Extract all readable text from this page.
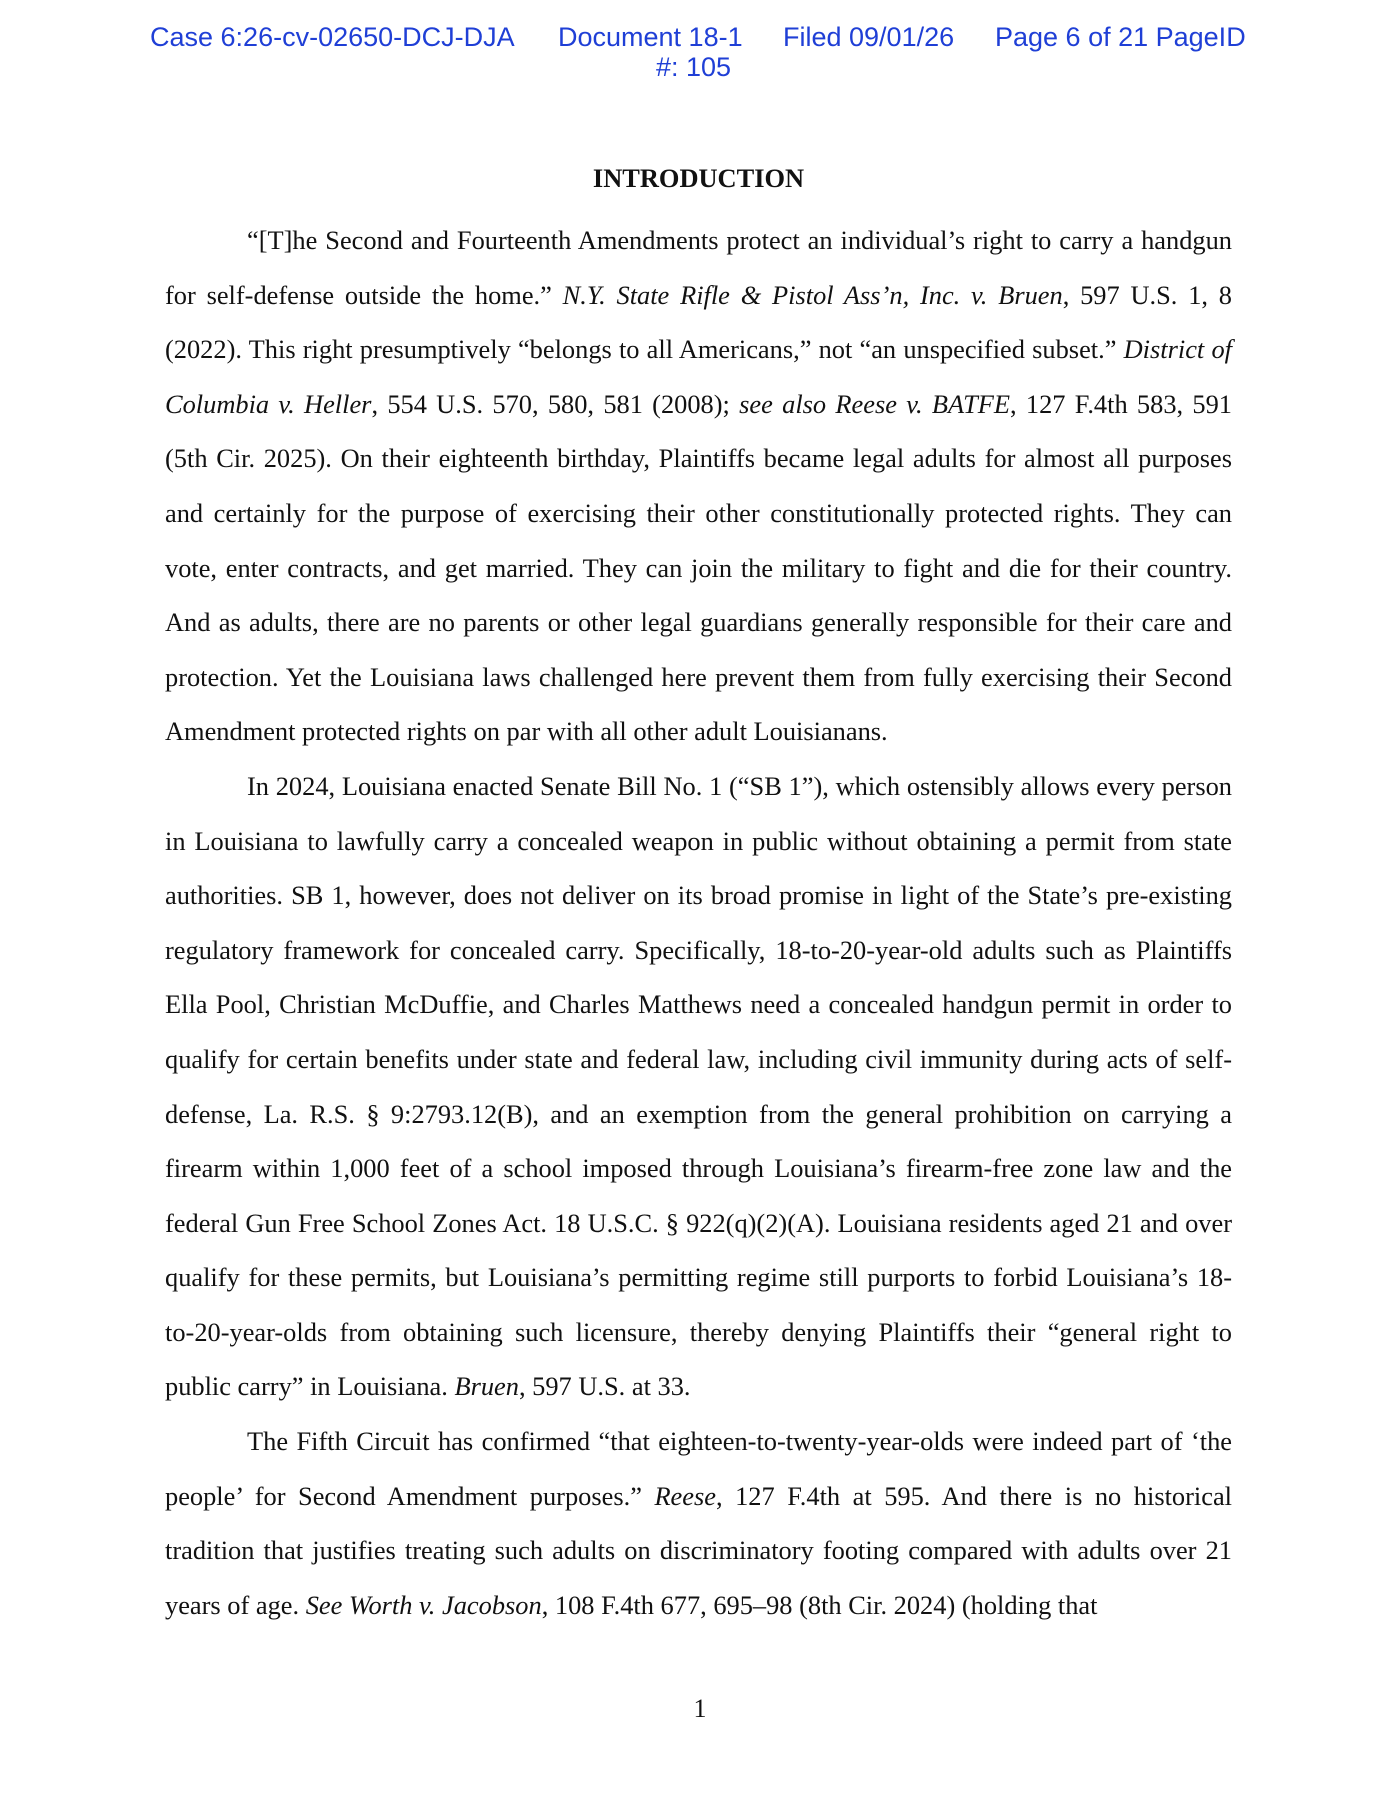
Case 6:26-cv-02650-DCJ-DJA Document 18-1 Filed 09/01/26 Page 6 of 21 PageID
#: 105
INTRODUCTION

“[T]he Second and Fourteenth Amendments protect an individual’s right to carry a handgun for self-defense outside the home.” N.Y. State Rifle & Pistol Ass’n, Inc. v. Bruen, 597 U.S. 1, 8 (2022). This right presumptively “belongs to all Americans,” not “an unspecified subset.” District of Columbia v. Heller, 554 U.S. 570, 580, 581 (2008); see also Reese v. BATFE, 127 F.4th 583, 591 (5th Cir. 2025). On their eighteenth birthday, Plaintiffs became legal adults for almost all purposes and certainly for the purpose of exercising their other constitutionally protected rights. They can vote, enter contracts, and get married. They can join the military to fight and die for their country. And as adults, there are no parents or other legal guardians generally responsible for their care and protection. Yet the Louisiana laws challenged here prevent them from fully exercising their Second Amendment protected rights on par with all other adult Louisianans.

In 2024, Louisiana enacted Senate Bill No. 1 (“SB 1”), which ostensibly allows every person in Louisiana to lawfully carry a concealed weapon in public without obtaining a permit from state authorities. SB 1, however, does not deliver on its broad promise in light of the State’s pre-existing regulatory framework for concealed carry. Specifically, 18-to-20-year-old adults such as Plaintiffs Ella Pool, Christian McDuffie, and Charles Matthews need a concealed handgun permit in order to qualify for certain benefits under state and federal law, including civil immunity during acts of self-defense, La. R.S. § 9:2793.12(B), and an exemption from the general prohibition on carrying a firearm within 1,000 feet of a school imposed through Louisiana’s firearm-free zone law and the federal Gun Free School Zones Act. 18 U.S.C. § 922(q)(2)(A). Louisiana residents aged 21 and over qualify for these permits, but Louisiana’s permitting regime still purports to forbid Louisiana’s 18-to-20-year-olds from obtaining such licensure, thereby denying Plaintiffs their “general right to public carry” in Louisiana. Bruen, 597 U.S. at 33.

The Fifth Circuit has confirmed “that eighteen-to-twenty-year-olds were indeed part of ‘the people’ for Second Amendment purposes.” Reese, 127 F.4th at 595. And there is no historical tradition that justifies treating such adults on discriminatory footing compared with adults over 21 years of age. See Worth v. Jacobson, 108 F.4th 677, 695–98 (8th Cir. 2024) (holding that

1
